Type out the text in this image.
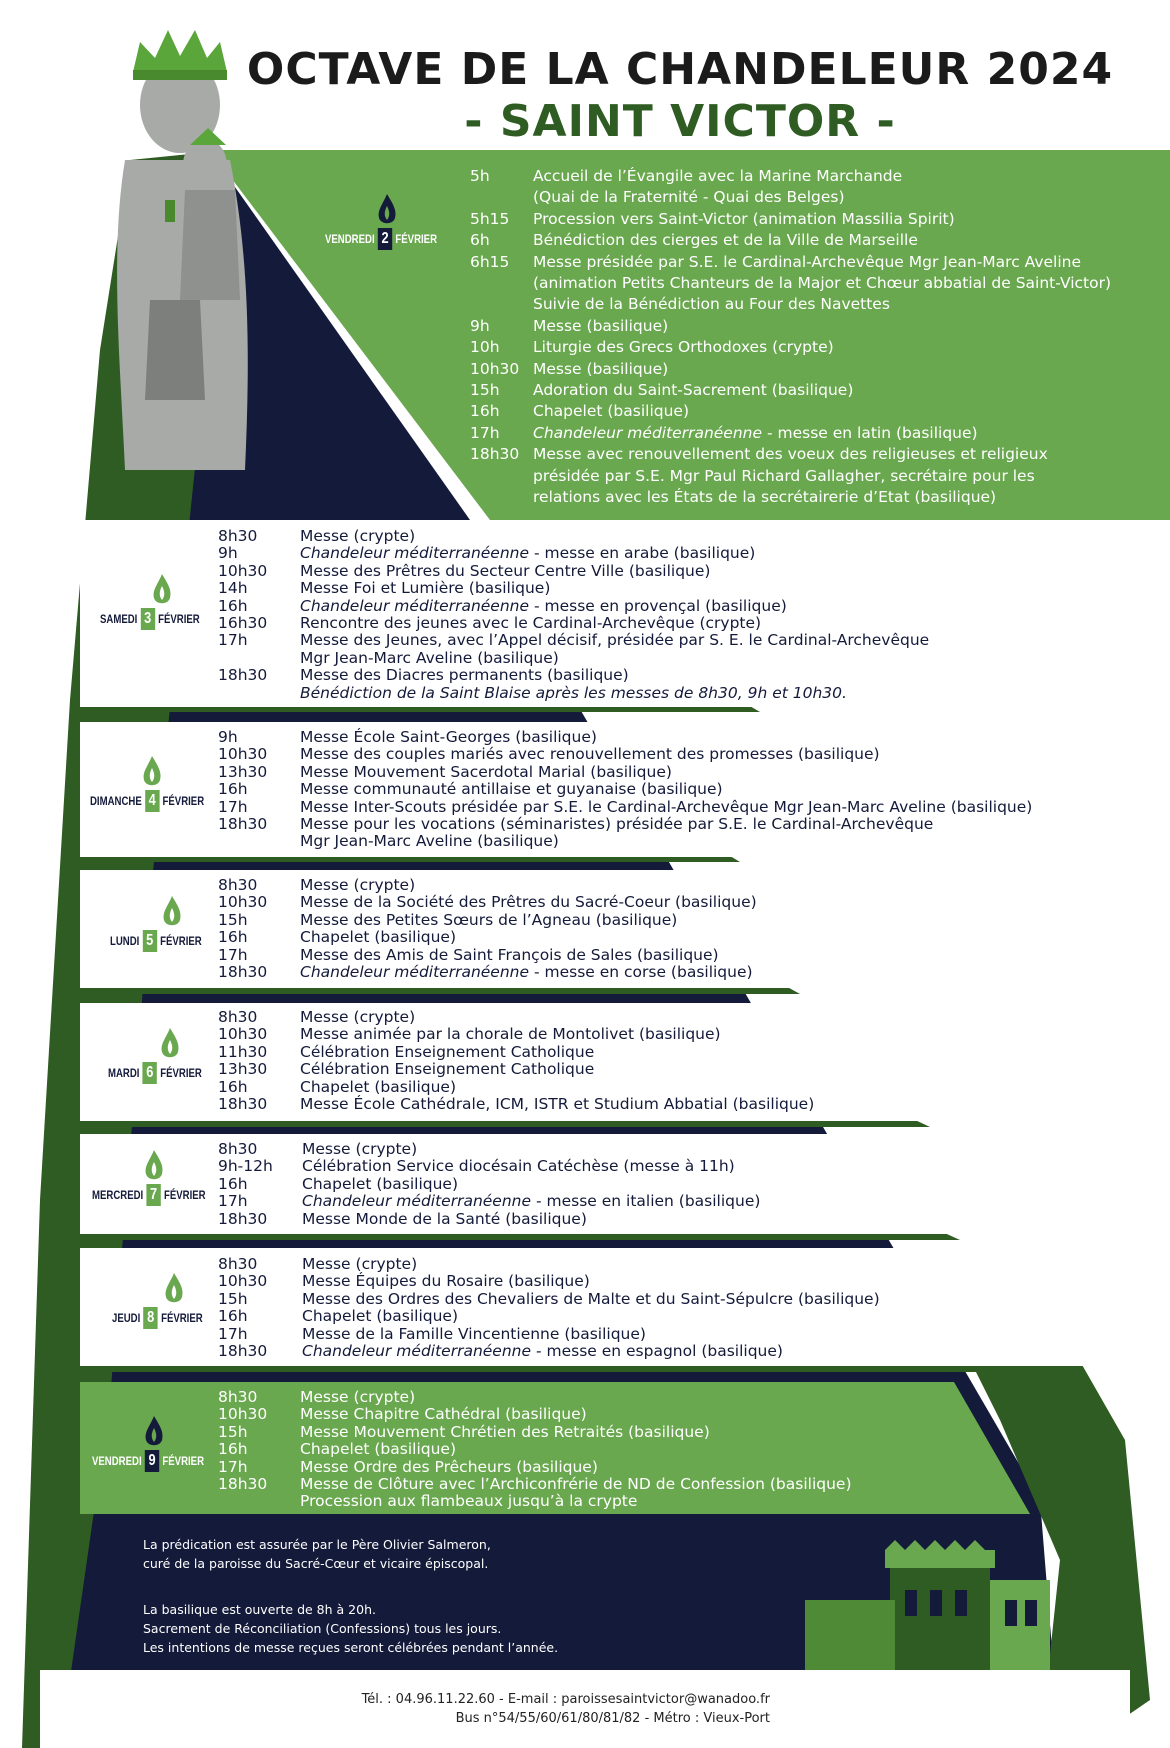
OCTAVE DE LA CHANDELEUR 2024
- SAINT VICTOR -
VENDREDI 2 FÉVRIER
5h	Accueil de l’Évangile avec la Marine Marchande
(Quai de la Fraternité - Quai des Belges)
5h15	Procession vers Saint-Victor (animation Massilia Spirit)
6h	Bénédiction des cierges et de la Ville de Marseille
6h15	Messe présidée par S.E. le Cardinal-Archevêque Mgr Jean-Marc Aveline
(animation Petits Chanteurs de la Major et Chœur abbatial de Saint-Victor)
Suivie de la Bénédiction au Four des Navettes
9h	Messe (basilique)
10h	Liturgie des Grecs Orthodoxes (crypte)
10h30 Messe (basilique)
15h	Adoration du Saint-Sacrement (basilique)
16h	Chapelet (basilique)
17h	Chandeleur méditerranéenne - messe en latin (basilique)
18h30 Messe avec renouvellement des voeux des religieuses et religieux
présidée par S.E. Mgr Paul Richard Gallagher, secrétaire pour les
relations avec les États de la secrétairerie d’Etat (basilique)
SAMEDI 3 FÉVRIER
8h30	Messe (crypte)
9h	Chandeleur méditerranéenne - messe en arabe (basilique)
10h30	Messe des Prêtres du Secteur Centre Ville (basilique)
14h	Messe Foi et Lumière (basilique)
16h	Chandeleur méditerranéenne - messe en provençal (basilique)
16h30	Rencontre des jeunes avec le Cardinal-Archevêque (crypte)
17h	Messe des Jeunes, avec l’Appel décisif, présidée par S. E. le Cardinal-Archevêque
Mgr Jean-Marc Aveline (basilique)
18h30	Messe des Diacres permanents (basilique)
Bénédiction de la Saint Blaise après les messes de 8h30, 9h et 10h30.
DIMANCHE 4 FÉVRIER
9h	Messe École Saint-Georges (basilique)
10h30	Messe des couples mariés avec renouvellement des promesses (basilique)
13h30	Messe Mouvement Sacerdotal Marial (basilique)
16h	Messe communauté antillaise et guyanaise (basilique)
17h	Messe Inter-Scouts présidée par S.E. le Cardinal-Archevêque Mgr Jean-Marc Aveline (basilique)
18h30	Messe pour les vocations (séminaristes) présidée par S.E. le Cardinal-Archevêque
Mgr Jean-Marc Aveline (basilique)
LUNDI 5 FÉVRIER
8h30	Messe (crypte)
10h30	Messe de la Société des Prêtres du Sacré-Coeur (basilique)
15h	Messe des Petites Sœurs de l’Agneau (basilique)
16h	Chapelet (basilique)
17h	Messe des Amis de Saint François de Sales (basilique)
18h30	Chandeleur méditerranéenne - messe en corse (basilique)
MARDI 6 FÉVRIER
8h30	Messe (crypte)
10h30	Messe animée par la chorale de Montolivet (basilique)
11h30	Célébration Enseignement Catholique
13h30	Célébration Enseignement Catholique
16h	Chapelet (basilique)
18h30	Messe École Cathédrale, ICM, ISTR et Studium Abbatial (basilique)
MERCREDI 7 FÉVRIER
8h30	Messe (crypte)
9h-12h	Célébration Service diocésain Catéchèse (messe à 11h)
16h	Chapelet (basilique)
17h	Chandeleur méditerranéenne - messe en italien (basilique)
18h30	Messe Monde de la Santé (basilique)
JEUDI 8 FÉVRIER
8h30	Messe (crypte)
10h30	Messe Équipes du Rosaire (basilique)
15h	Messe des Ordres des Chevaliers de Malte et du Saint-Sépulcre (basilique)
16h	Chapelet (basilique)
17h	Messe de la Famille Vincentienne (basilique)
18h30	Chandeleur méditerranéenne - messe en espagnol (basilique)
VENDREDI 9 FÉVRIER
8h30	Messe (crypte)
10h30	Messe Chapitre Cathédral (basilique)
15h	Messe Mouvement Chrétien des Retraités (basilique)
16h	Chapelet (basilique)
17h	Messe Ordre des Prêcheurs (basilique)
18h30	Messe de Clôture avec l’Archiconfrérie de ND de Confession (basilique)
Procession aux flambeaux jusqu’à la crypte
La prédication est assurée par le Père Olivier Salmeron,
curé de la paroisse du Sacré-Cœur et vicaire épiscopal.
La basilique est ouverte de 8h à 20h.
Sacrement de Réconciliation (Confessions) tous les jours.
Les intentions de messe reçues seront célébrées pendant l’année.
Tél. : 04.96.11.22.60 - E-mail : paroissesaintvictor@wanadoo.fr
Bus n°54/55/60/61/80/81/82 - Métro : Vieux-Port
©Mwd - maelyswebdesign.fr
